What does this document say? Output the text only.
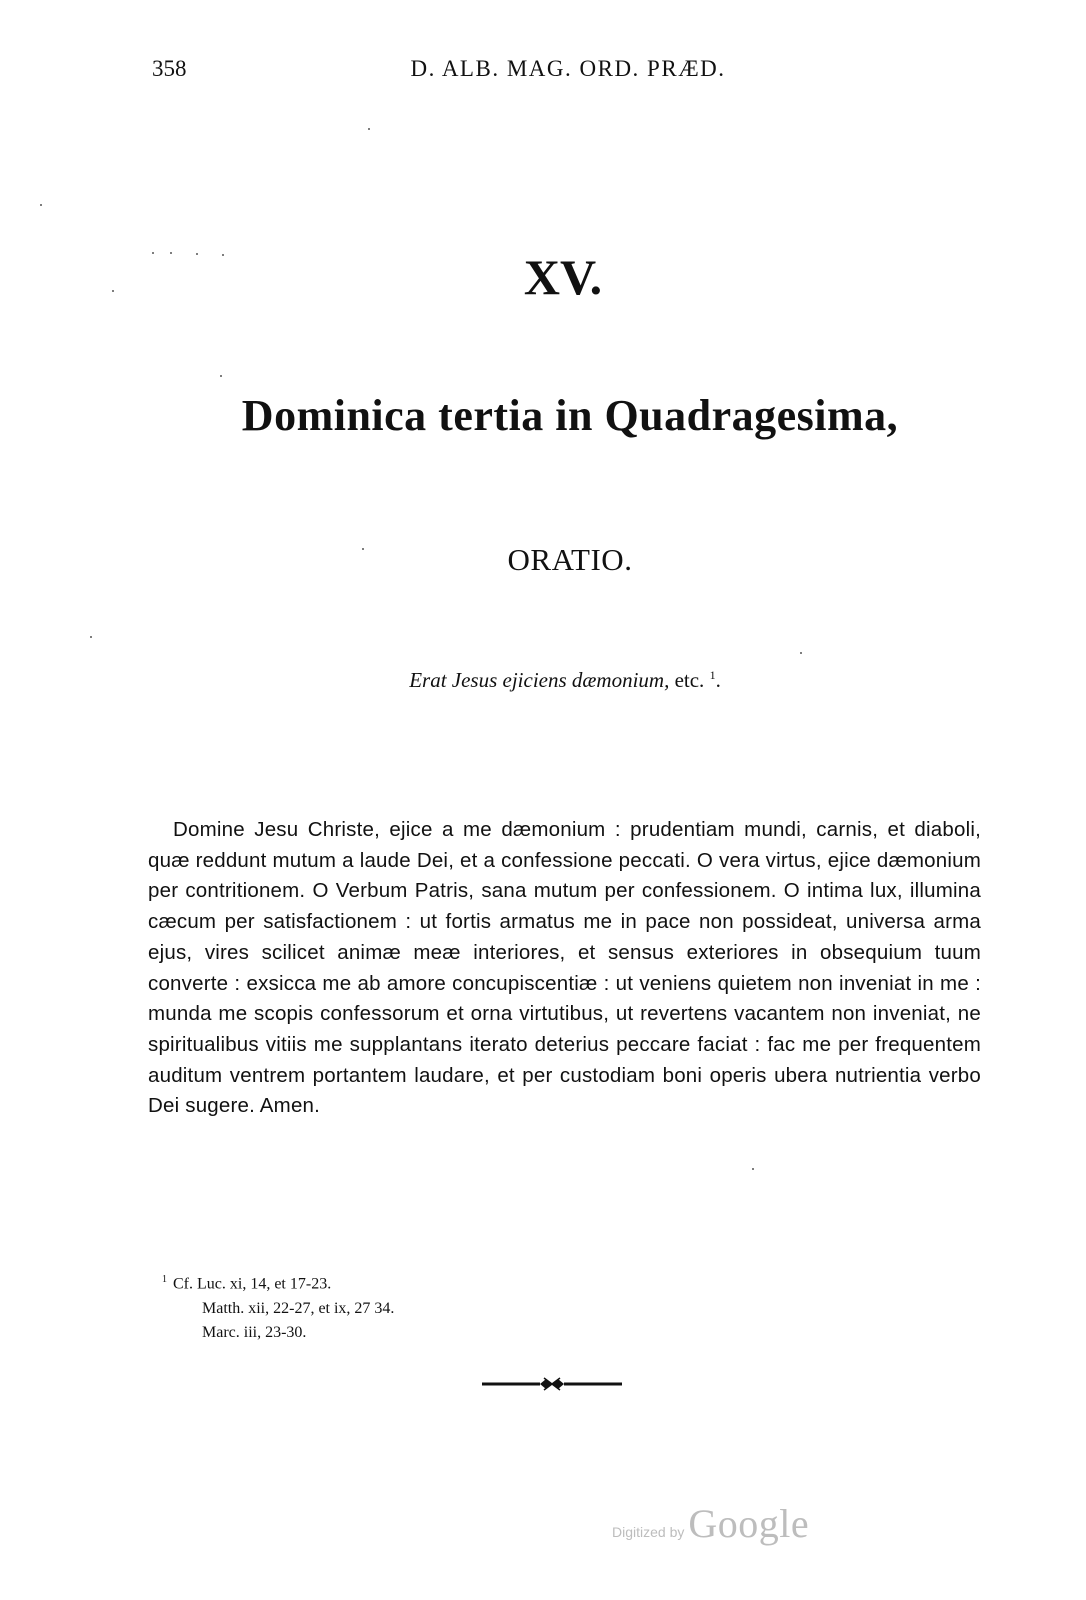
358	D. ALB. MAG. ORD. PRÆD.
XV.
Dominica tertia in Quadragesima,
ORATIO.
Erat Jesus ejiciens dæmonium, etc. $^1$.
Domine Jesu Christe, ejice a me dæmonium : prudentiam mundi, carnis, et diaboli, quæ reddunt mutum a laude Dei, et a confessione peccati. O vera virtus, ejice dæmonium per contritionem. O Verbum Patris, sana mutum per confessionem. O intima lux, illumina cæcum per satisfactionem : ut fortis armatus me in pace non possideat, universa arma ejus, vires scilicet animæ meæ interiores, et sensus exteriores in obsequium tuum converte : exsicca me ab amore concupiscentiæ : ut veniens quietem non inveniat in me : munda me scopis confessorum et orna virtutibus, ut revertens vacantem non inveniat, ne spiritualibus vitiis me supplantans iterato deterius peccare faciat : fac me per frequentem auditum ventrem portantem laudare, et per custodiam boni operis ubera nutrientia verbo Dei sugere. Amen.
$^1$ Cf. Luc. xi, 14, et 17-23.
Matth. xii, 22-27, et ix, 27 34.
Marc. iii, 23-30.
Digitized by Google
